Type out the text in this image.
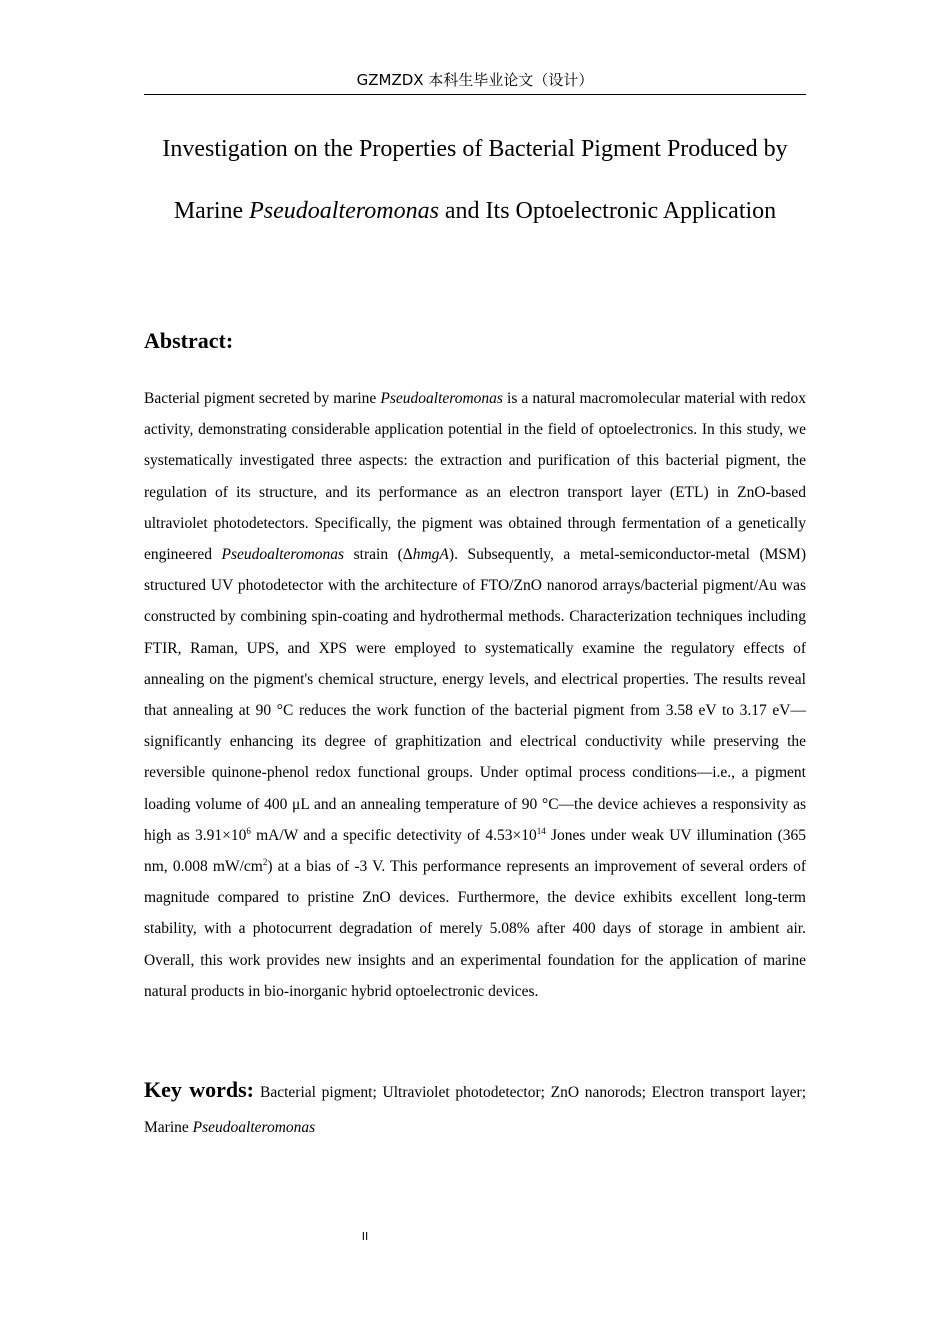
GZMZDX 本科生毕业论文（设计）
Investigation on the Properties of Bacterial Pigment Produced by Marine Pseudoalteromonas and Its Optoelectronic Application
Abstract:
Bacterial pigment secreted by marine Pseudoalteromonas is a natural macromolecular material with redox activity, demonstrating considerable application potential in the field of optoelectronics. In this study, we systematically investigated three aspects: the extraction and purification of this bacterial pigment, the regulation of its structure, and its performance as an electron transport layer (ETL) in ZnO-based ultraviolet photodetectors. Specifically, the pigment was obtained through fermentation of a genetically engineered Pseudoalteromonas strain (ΔhmgA). Subsequently, a metal-semiconductor-metal (MSM) structured UV photodetector with the architecture of FTO/ZnO nanorod arrays/bacterial pigment/Au was constructed by combining spin-coating and hydrothermal methods. Characterization techniques including FTIR, Raman, UPS, and XPS were employed to systematically examine the regulatory effects of annealing on the pigment's chemical structure, energy levels, and electrical properties. The results reveal that annealing at 90 °C reduces the work function of the bacterial pigment from 3.58 eV to 3.17 eV—significantly enhancing its degree of graphitization and electrical conductivity while preserving the reversible quinone-phenol redox functional groups. Under optimal process conditions—i.e., a pigment loading volume of 400 μL and an annealing temperature of 90 °C—the device achieves a responsivity as high as $3.91\times 10^6$ mA/W and a specific detectivity of $4.53\times 10^{14}$ Jones under weak UV illumination (365 nm, 0.008 $mW/cm^2$) at a bias of -3 V. This performance represents an improvement of several orders of magnitude compared to pristine ZnO devices. Furthermore, the device exhibits excellent long-term stability, with a photocurrent degradation of merely 5.08% after 400 days of storage in ambient air. Overall, this work provides new insights and an experimental foundation for the application of marine natural products in bio-inorganic hybrid optoelectronic devices.
Key words: Bacterial pigment; Ultraviolet photodetector; ZnO nanorods; Electron transport layer; Marine Pseudoalteromonas
II
